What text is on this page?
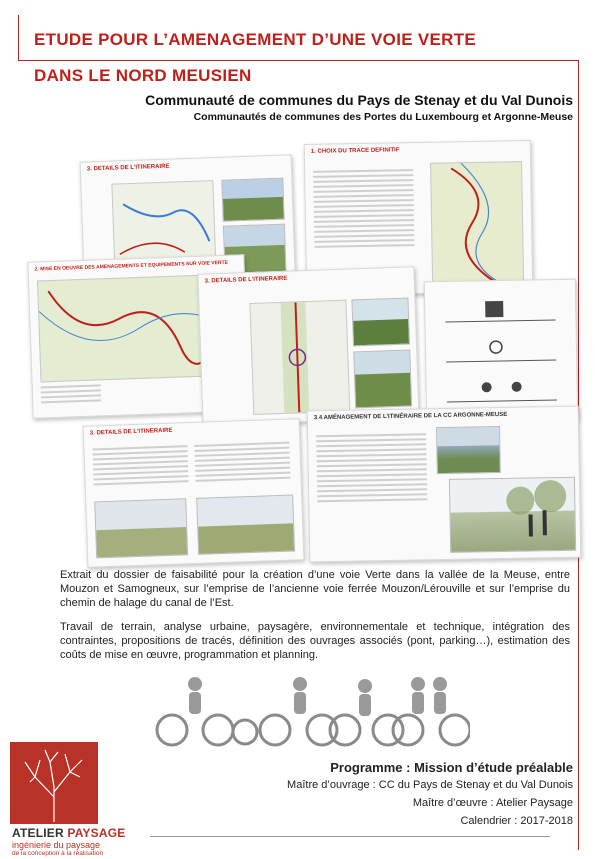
ETUDE POUR L’AMENAGEMENT D’UNE VOIE VERTE
DANS LE NORD MEUSIEN
Communauté de communes du Pays de Stenay et du Val Dunois
Communautés de communes des Portes du Luxembourg et Argonne-Meuse
3. DETAILS DE L'ITINERAIRE
1. CHOIX DU TRACE DEFINITIF
2. MISE EN OEUVRE DES AMENAGEMENTS ET EQUIPEMENTS SUR VOIE VERTE
3. DETAILS DE L'ITINERAIRE
3. DETAILS DE L'ITINERAIRE
3.4 AMÉNAGEMENT DE L'ITINÉRAIRE DE LA CC ARGONNE-MEUSE

Extrait du dossier de faisabilité pour la création d’une voie Verte dans la vallée de la Meuse, entre Mouzon et Samogneux, sur l’emprise de l’ancienne voie ferrée Mouzon/Lérouville et sur l’emprise du chemin de halage du canal de l’Est.

Travail de terrain, analyse urbaine, paysagère, environnementale et technique, intégration des contraintes, propositions de tracés, définition des ouvrages associés (pont, parking…), estimation des coûts de mise en œuvre, programmation et planning.

ATELIER PAYSAGE
ingénierie du paysage
de la conception à la réalisation

Programme : Mission d’étude préalable

Maître d’ouvrage : CC du Pays de Stenay et du Val Dunois

Maître d’œuvre : Atelier Paysage

Calendrier : 2017-2018
